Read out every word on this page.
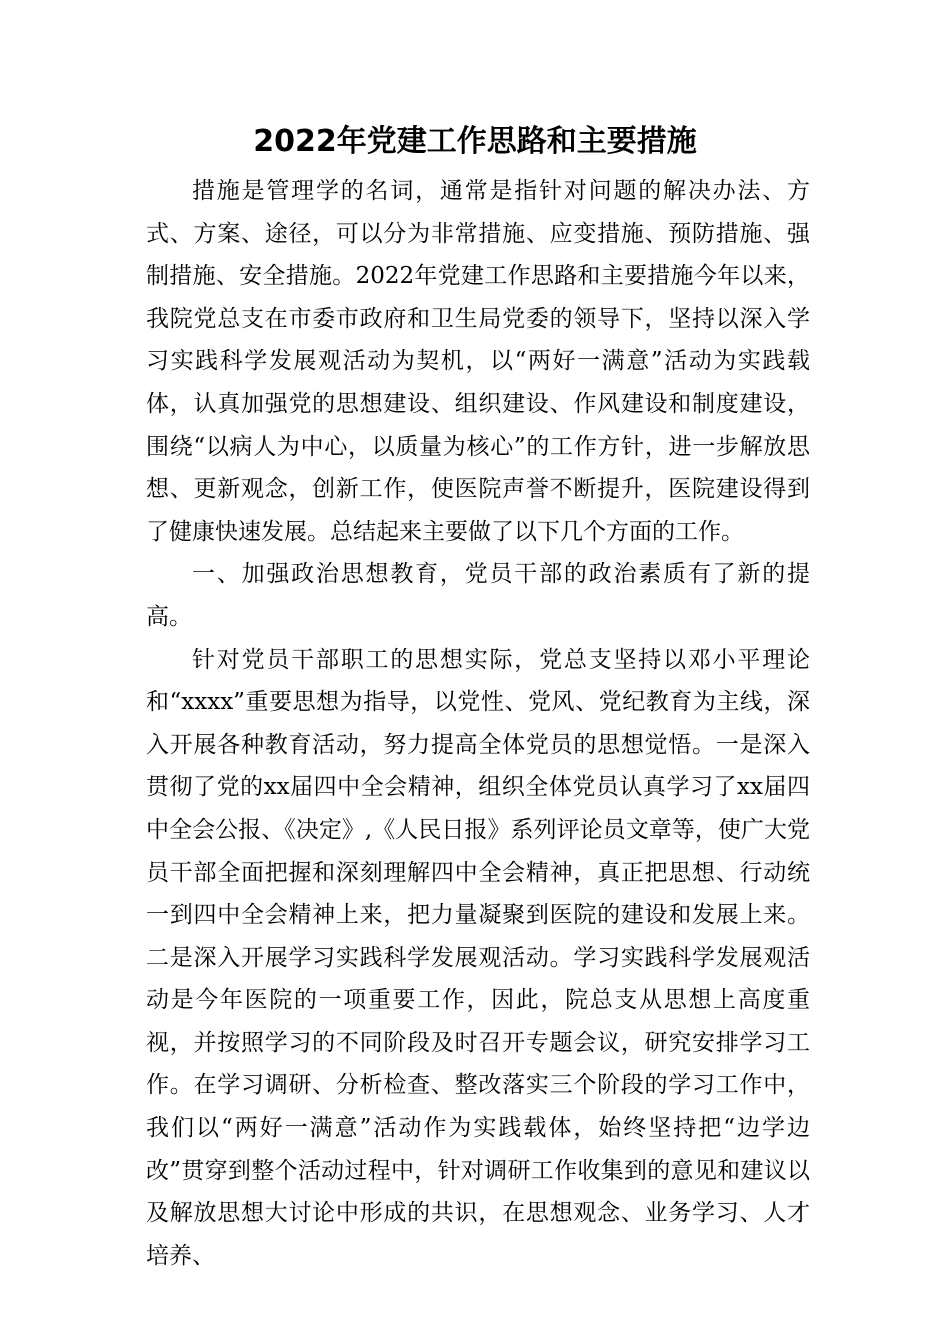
2022年党建工作思路和主要措施

措施是管理学的名词，通常是指针对问题的解决办法、方式、方案、途径，可以分为非常措施、应变措施、预防措施、强制措施、安全措施。2022年党建工作思路和主要措施今年以来，我院党总支在市委市政府和卫生局党委的领导下，坚持以深入学习实践科学发展观活动为契机，以“两好一满意”活动为实践载体，认真加强党的思想建设、组织建设、作风建设和制度建设，围绕“以病人为中心，以质量为核心”的工作方针，进一步解放思想、更新观念，创新工作，使医院声誉不断提升，医院建设得到了健康快速发展。总结起来主要做了以下几个方面的工作。

一、加强政治思想教育，党员干部的政治素质有了新的提高。

针对党员干部职工的思想实际，党总支坚持以邓小平理论和“xxxx”重要思想为指导，以党性、党风、党纪教育为主线，深入开展各种教育活动，努力提高全体党员的思想觉悟。一是深入贯彻了党的xx届四中全会精神，组织全体党员认真学习了xx届四中全会公报、《决定》,《人民日报》系列评论员文章等，使广大党员干部全面把握和深刻理解四中全会精神，真正把思想、行动统一到四中全会精神上来，把力量凝聚到医院的建设和发展上来。二是深入开展学习实践科学发展观活动。学习实践科学发展观活动是今年医院的一项重要工作，因此，院总支从思想上高度重视，并按照学习的不同阶段及时召开专题会议，研究安排学习工作。在学习调研、分析检查、整改落实三个阶段的学习工作中，我们以“两好一满意”活动作为实践载体，始终坚持把“边学边改”贯穿到整个活动过程中，针对调研工作收集到的意见和建议以及解放思想大讨论中形成的共识，在思想观念、业务学习、人才培养、
